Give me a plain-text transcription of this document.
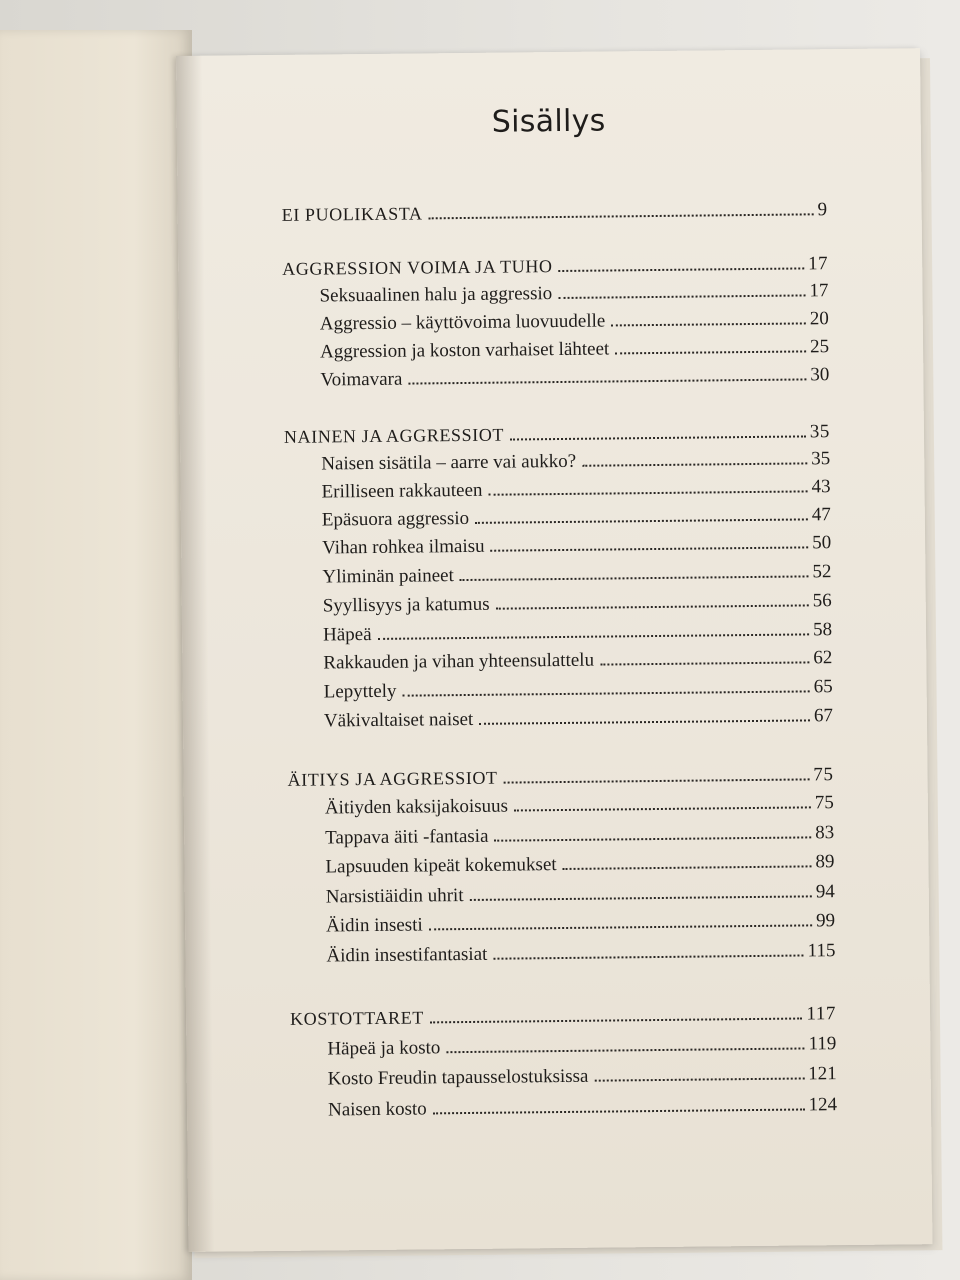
Sisällys
EI PUOLIKASTA	9
AGGRESSION VOIMA JA TUHO	17
Seksuaalinen halu ja aggressio	17
Aggressio – käyttövoima luovuudelle	20
Aggression ja koston varhaiset lähteet	25
Voimavara	30
NAINEN JA AGGRESSIOT	35
Naisen sisätila – aarre vai aukko?	35
Erilliseen rakkauteen	43
Epäsuora aggressio	47
Vihan rohkea ilmaisu	50
Yliminän paineet	52
Syyllisyys ja katumus	56
Häpeä	58
Rakkauden ja vihan yhteensulattelu	62
Lepyttely	65
Väkivaltaiset naiset	67
ÄITIYS JA AGGRESSIOT	75
Äitiyden kaksijakoisuus	75
Tappava äiti -fantasia	83
Lapsuuden kipeät kokemukset	89
Narsistiäidin uhrit	94
Äidin insesti	99
Äidin insestifantasiat	115
KOSTOTTARET	117
Häpeä ja kosto	119
Kosto Freudin tapausselostuksissa	121
Naisen kosto	124
